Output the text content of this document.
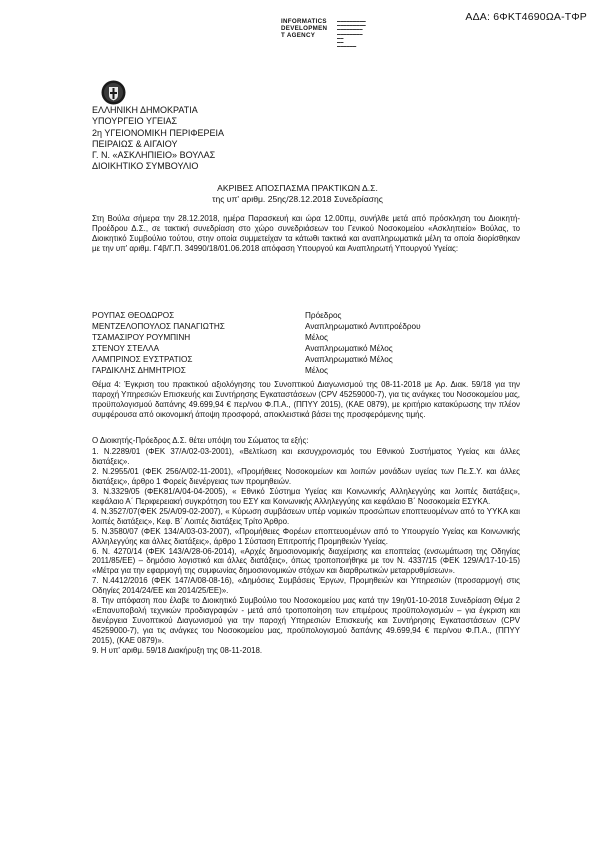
ΑΔΑ: 6ΦΚΤ4690ΩΑ-ΤΦΡ
INFORMATICS
DEVELOPMEN
T AGENCY
▬▬▬▬▬▬▬▬▬
▬▬▬▬▬▬▬▬▬
▬▬▬▬▬▬▬▬
▬▬▬▬▬▬▬▬
▬▬
▬▬
▬▬▬▬▬▬
ΕΛΛΗΝΙΚΗ ΔΗΜΟΚΡΑΤΙΑ
ΥΠΟΥΡΓΕΙΟ ΥΓΕΙΑΣ
2η ΥΓΕΙΟΝΟΜΙΚΗ ΠΕΡΙΦΕΡΕΙΑ
ΠΕΙΡΑΙΩΣ & ΑΙΓΑΙΟΥ
Γ. Ν. «ΑΣΚΛΗΠΙΕΙΟ» ΒΟΥΛΑΣ
ΔΙΟΙΚΗΤΙΚΟ ΣΥΜΒΟΥΛΙΟ
ΑΚΡΙΒΕΣ ΑΠΟΣΠΑΣΜΑ ΠΡΑΚΤΙΚΩΝ Δ.Σ.
της υπ' αριθμ. 25ης/28.12.2018 Συνεδρίασης
Στη Βούλα σήμερα την 28.12.2018, ημέρα Παρασκευή και ώρα 12.00πμ, συνήλθε μετά από πρόσκληση του Διοικητή-Προέδρου Δ.Σ., σε τακτική συνεδρίαση στο χώρο συνεδριάσεων του Γενικού Νοσοκομείου «Ασκληπιείο» Βούλας, το Διοικητικό Συμβούλιο τούτου, στην οποία συμμετείχαν τα κάτωθι τακτικά και αναπληρωματικά μέλη τα οποία διορίσθηκαν με την υπ' αριθμ. Γ4β/Γ.Π. 34990/18/01.06.2018 απόφαση Υπουργού και Αναπληρωτή Υπουργού Υγείας:
ΡΟΥΠΑΣ ΘΕΟΔΩΡΟΣ	Πρόεδρος
ΜΕΝΤΖΕΛΟΠΟΥΛΟΣ ΠΑΝΑΓΙΩΤΗΣ	Αναπληρωματικό Αντιπροέδρου
ΤΣΑΜΑΣΙΡΟΥ ΡΟΥΜΠΙΝΗ	Μέλος
ΣΤΕΝΟΥ ΣΤΕΛΛΑ	Αναπληρωματικό Μέλος
ΛΑΜΠΡΙΝΟΣ ΕΥΣΤΡΑΤΙΟΣ	Αναπληρωματικό Μέλος
ΓΑΡΔΙΚΛΗΣ ΔΗΜΗΤΡΙΟΣ	Μέλος
Θέμα 4: Έγκριση του πρακτικού αξιολόγησης του Συνοπτικού Διαγωνισμού της 08-11-2018 με Αρ. Διακ. 59/18 για την παροχή Υπηρεσιών Επισκευής και Συντήρησης Εγκαταστάσεων (CPV 45259000-7), για τις ανάγκες του Νοσοκομείου μας, προϋπολογισμού δαπάνης 49.699,94 € περ/νου Φ.Π.Α., (ΠΠΥΥ 2015), (ΚΑΕ 0879), με κριτήριο κατακύρωσης την πλέον συμφέρουσα από οικονομική άποψη προσφορά, αποκλειστικά βάσει της προσφερόμενης τιμής.
Ο Διοικητής-Πρόεδρος Δ.Σ. θέτει υπόψη του Σώματος τα εξής:
1. Ν.2289/01 (ΦΕΚ 37/Α/02-03-2001), «Βελτίωση και εκσυγχρονισμός του Εθνικού Συστήματος Υγείας και άλλες διατάξεις».
2. Ν.2955/01 (ΦΕΚ 256/Α/02-11-2001), «Προμήθειες Νοσοκομείων και λοιπών μονάδων υγείας των Πε.Σ.Υ. και άλλες διατάξεις», άρθρο 1 Φορείς διενέργειας των προμηθειών.
3. Ν.3329/05 (ΦΕΚ81/Α/04-04-2005), « Εθνικό Σύστημα Υγείας και Κοινωνικής Αλληλεγγύης και λοιπές διατάξεις», κεφάλαιο Α΄ Περιφερειακή συγκρότηση του ΕΣΥ και Κοινωνικής Αλληλεγγύης και κεφάλαιο Β΄ Νοσοκομεία ΕΣΥΚΑ.
4. Ν.3527/07(ΦΕΚ 25/Α/09-02-2007), « Κύρωση συμβάσεων υπέρ νομικών προσώπων εποπτευομένων από το ΥΥΚΑ και λοιπές διατάξεις», Κεφ. Β΄ Λοιπές διατάξεις Τρίτο Άρθρο.
5. Ν.3580/07 (ΦΕΚ 134/Α/03-03-2007), «Προμήθειες Φορέων εποπτευομένων από το Υπουργείο Υγείας και Κοινωνικής Αλληλεγγύης και άλλες διατάξεις», άρθρο 1 Σύσταση Επιτροπής Προμηθειών Υγείας.
6. Ν. 4270/14 (ΦΕΚ 143/Α/28-06-2014), «Αρχές δημοσιονομικής διαχείρισης και εποπτείας (ενσωμάτωση της Οδηγίας 2011/85/ΕΕ) – δημόσιο λογιστικό και άλλες διατάξεις», όπως τροποποιήθηκε με τον Ν. 4337/15 (ΦΕΚ 129/Α/17-10-15) «Μέτρα για την εφαρμογή της συμφωνίας δημοσιονομικών στόχων και διαρθρωτικών μεταρρυθμίσεων».
7. Ν.4412/2016 (ΦΕΚ 147/Α/08-08-16), «Δημόσιες Συμβάσεις Έργων, Προμηθειών και Υπηρεσιών (προσαρμογή στις Οδηγίες 2014/24/ΕΕ και 2014/25/ΕΕ)».
8. Την απόφαση που έλαβε το Διοικητικό Συμβούλιο του Νοσοκομείου μας κατά την 19η/01-10-2018 Συνεδρίαση Θέμα 2 «Επανυποβολή τεχνικών προδιαγραφών - μετά από τροποποίηση των επιμέρους προϋπολογισμών – για έγκριση και διενέργεια Συνοπτικού Διαγωνισμού για την παροχή Υπηρεσιών Επισκευής και Συντήρησης Εγκαταστάσεων (CPV 45259000-7), για τις ανάγκες του Νοσοκομείου μας, προϋπολογισμού δαπάνης 49.699,94 € περ/νου Φ.Π.Α., (ΠΠΥΥ 2015), (ΚΑΕ 0879)».
9. Η υπ' αριθμ. 59/18 Διακήρυξη της 08-11-2018.
